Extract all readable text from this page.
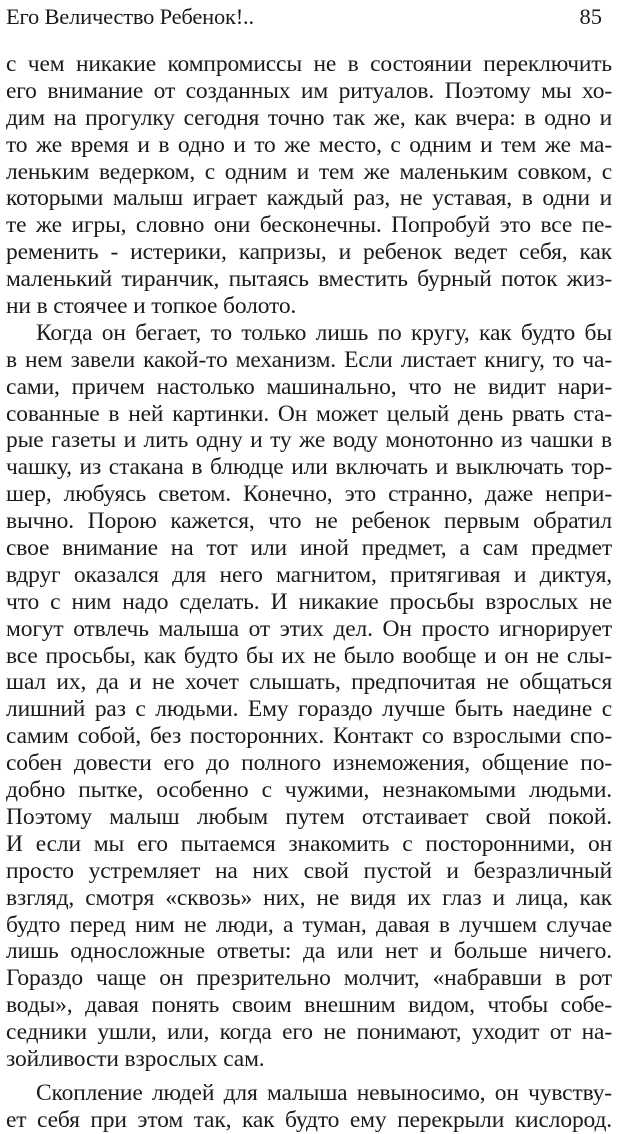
Его Величество Ребенок!..	85
с чем никакие компромиссы не в состоянии переключить
его внимание от созданных им ритуалов. Поэтому мы хо-
дим на прогулку сегодня точно так же, как вчера: в одно и
то же время и в одно и то же место, с одним и тем же ма-
леньким ведерком, с одним и тем же маленьким совком, с
которыми малыш играет каждый раз, не уставая, в одни и
те же игры, словно они бесконечны. Попробуй это все пе-
ременить - истерики, капризы, и ребенок ведет себя, как
маленький тиранчик, пытаясь вместить бурный поток жиз-
ни в стоячее и топкое болото.
Когда он бегает, то только лишь по кругу, как будто бы
в нем завели какой-то механизм. Если листает книгу, то ча-
сами, причем настолько машинально, что не видит нари-
сованные в ней картинки. Он может целый день рвать ста-
рые газеты и лить одну и ту же воду монотонно из чашки в
чашку, из стакана в блюдце или включать и выключать тор-
шер, любуясь светом. Конечно, это странно, даже непри-
вычно. Порою кажется, что не ребенок первым обратил
свое внимание на тот или иной предмет, а сам предмет
вдруг оказался для него магнитом, притягивая и диктуя,
что с ним надо сделать. И никакие просьбы взрослых не
могут отвлечь малыша от этих дел. Он просто игнорирует
все просьбы, как будто бы их не было вообще и он не слы-
шал их, да и не хочет слышать, предпочитая не общаться
лишний раз с людьми. Ему гораздо лучше быть наедине с
самим собой, без посторонних. Контакт со взрослыми спо-
собен довести его до полного изнеможения, общение по-
добно пытке, особенно с чужими, незнакомыми людьми.
Поэтому малыш любым путем отстаивает свой покой.
И если мы его пытаемся знакомить с посторонними, он
просто устремляет на них свой пустой и безразличный
взгляд, смотря «сквозь» них, не видя их глаз и лица, как
будто перед ним не люди, а туман, давая в лучшем случае
лишь односложные ответы: да или нет и больше ничего.
Гораздо чаще он презрительно молчит, «набравши в рот
воды», давая понять своим внешним видом, чтобы собе-
седники ушли, или, когда его не понимают, уходит от на-
зойливости взрослых сам.
Скопление людей для малыша невыносимо, он чувству-
ет себя при этом так, как будто ему перекрыли кислород.
